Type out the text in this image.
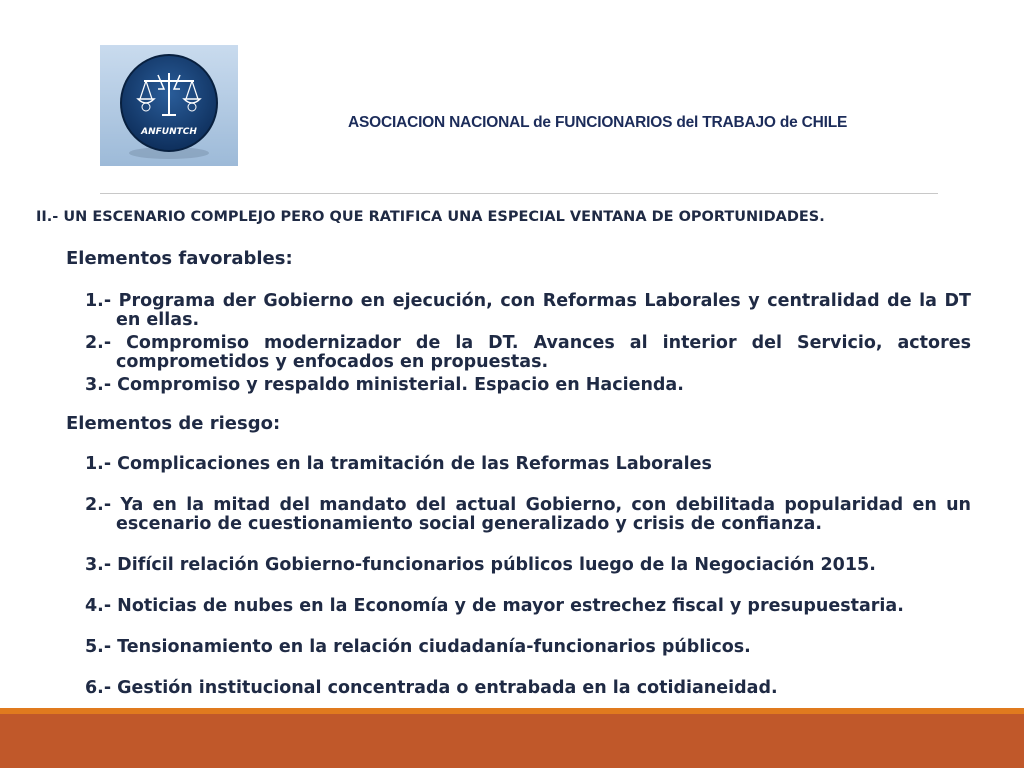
ANFUNTCH
ASOCIACION NACIONAL de FUNCIONARIOS del TRABAJO de CHILE
II.- UN ESCENARIO COMPLEJO PERO QUE RATIFICA UNA ESPECIAL VENTANA DE OPORTUNIDADES.

Elementos favorables:

1.- Programa der Gobierno en ejecución, con Reformas Laborales y centralidad de la DT en ellas.
2.- Compromiso modernizador de la DT. Avances al interior del Servicio, actores comprometidos y enfocados en propuestas.
3.- Compromiso y respaldo ministerial. Espacio en Hacienda.

Elementos de riesgo:

1.- Complicaciones en la tramitación de las Reformas Laborales
2.- Ya en la mitad del mandato del actual Gobierno, con debilitada popularidad en un escenario de cuestionamiento social generalizado y crisis de confianza.
3.- Difícil relación Gobierno-funcionarios públicos luego de la Negociación 2015.
4.- Noticias de nubes en la Economía y de mayor estrechez fiscal y presupuestaria.
5.- Tensionamiento en la relación ciudadanía-funcionarios públicos.
6.- Gestión institucional concentrada o entrabada en la cotidianeidad.
